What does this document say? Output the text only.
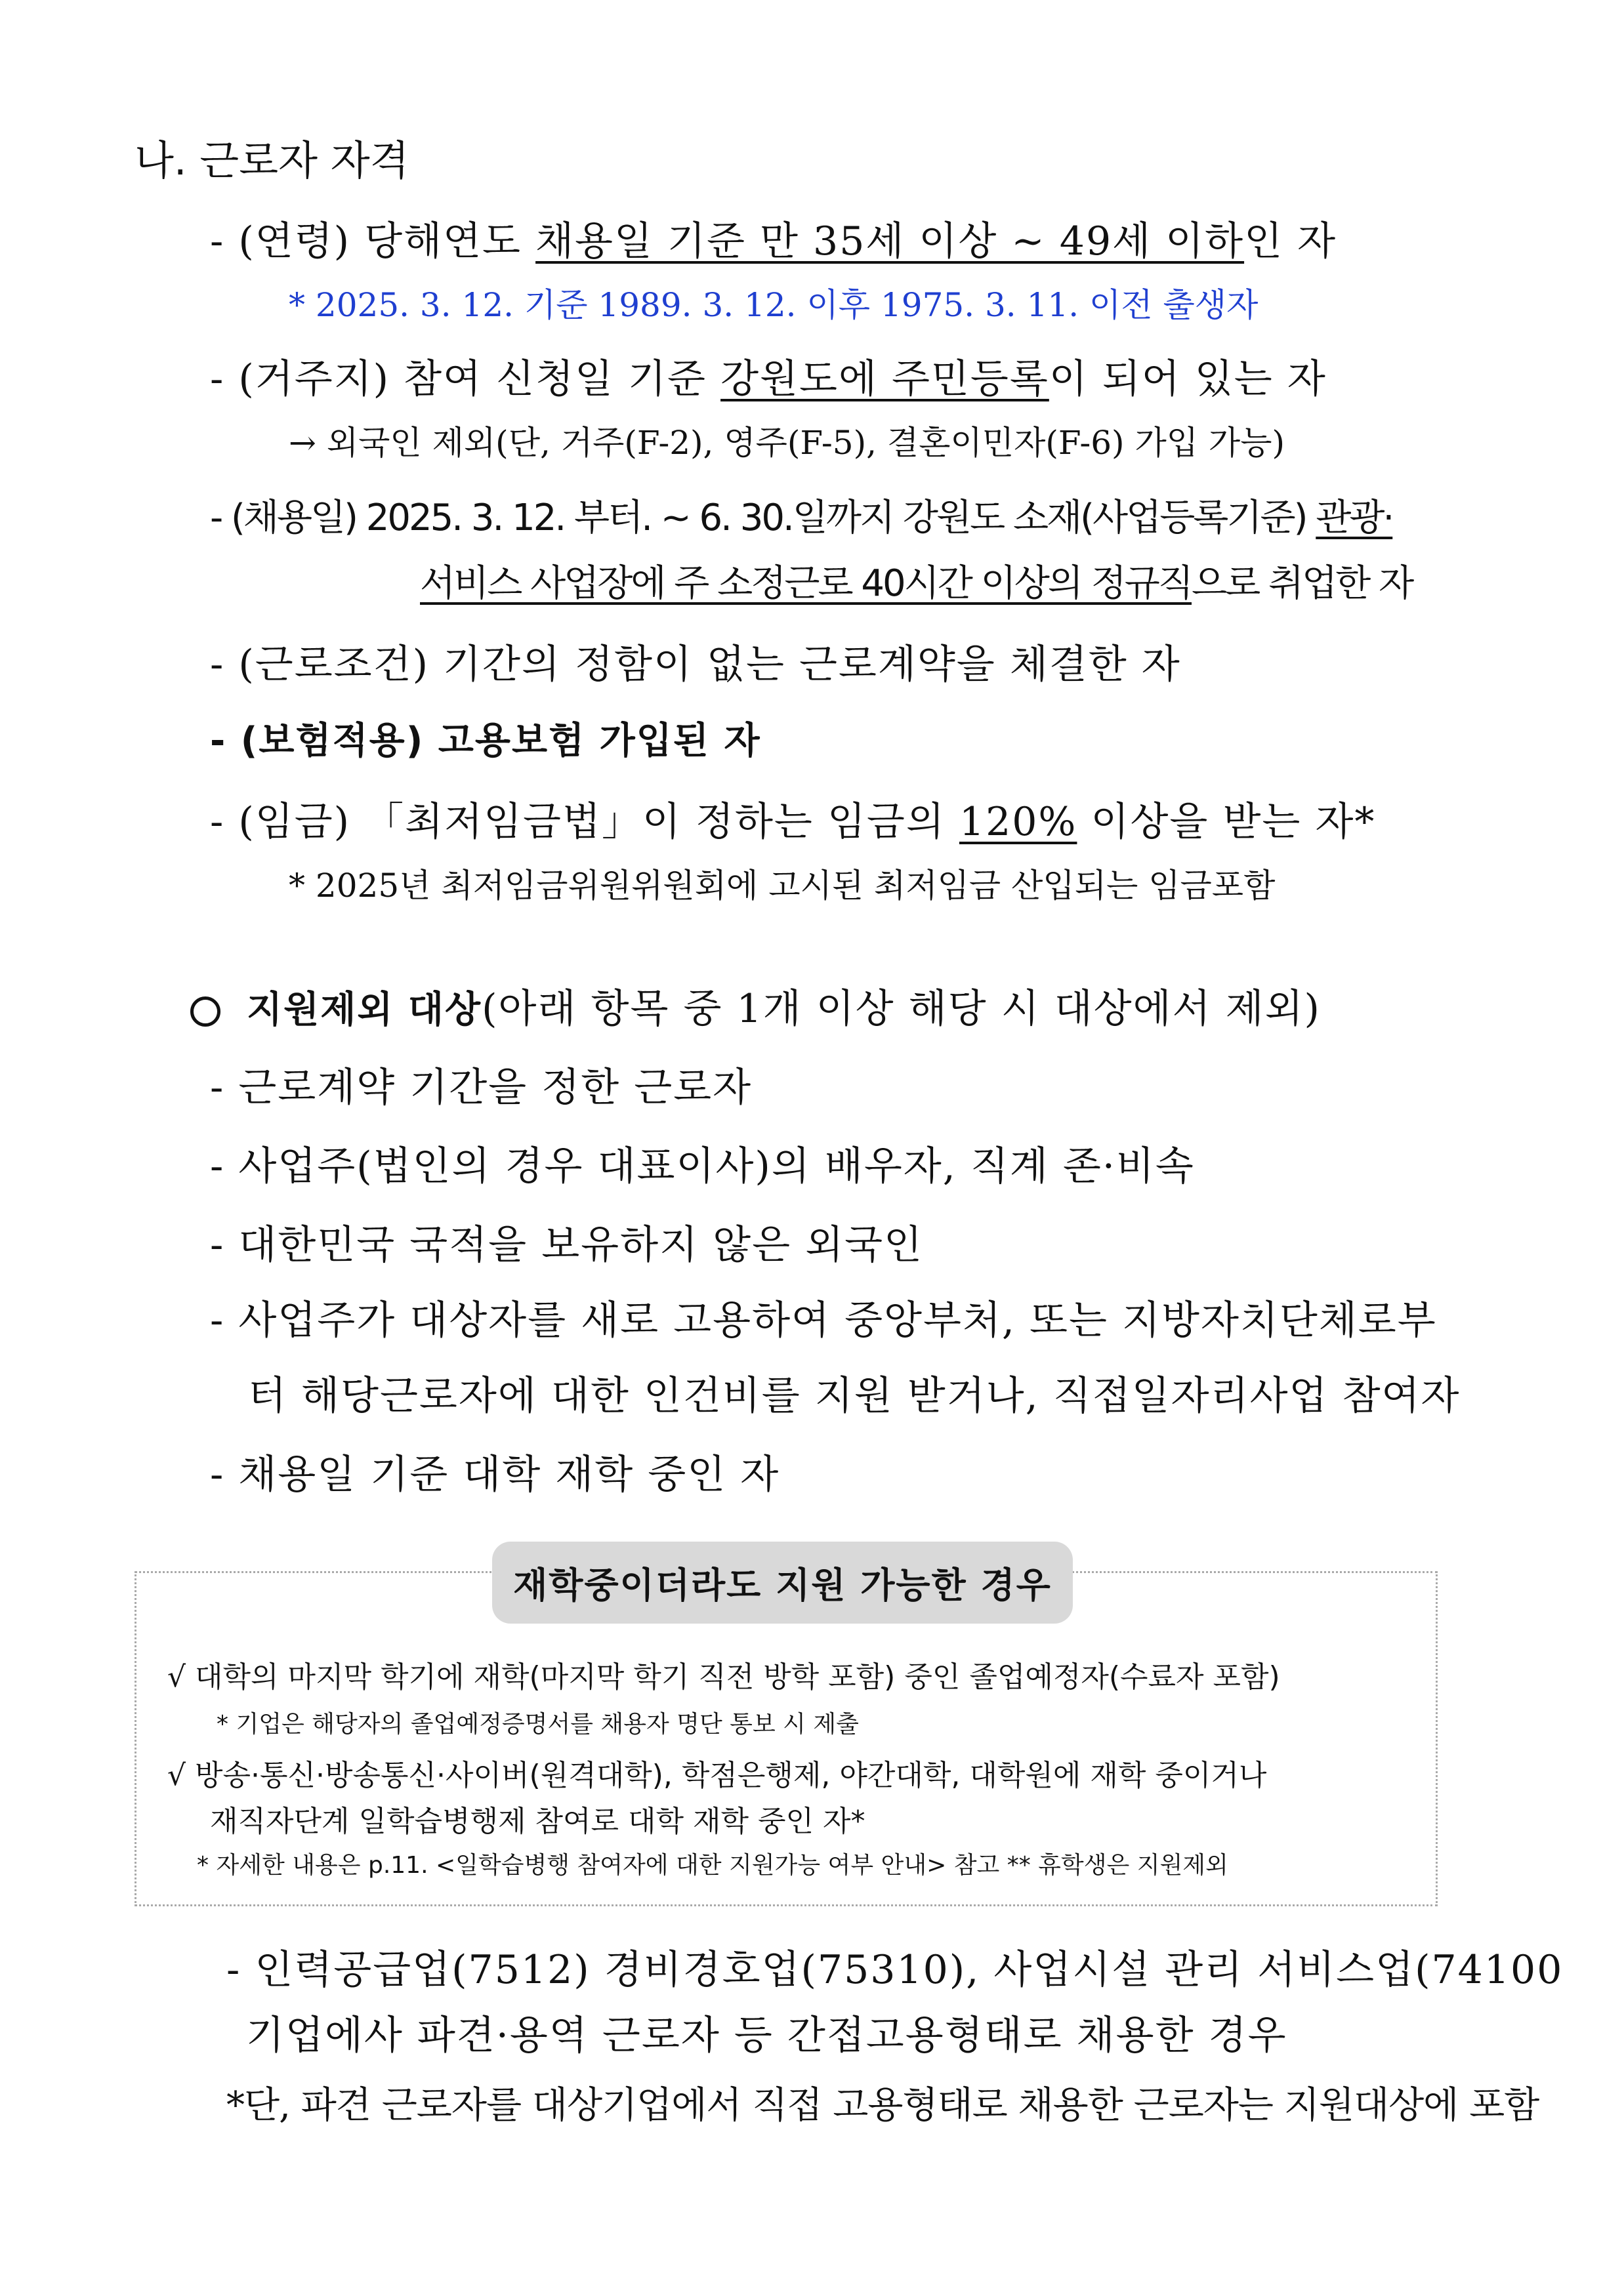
나. 근로자 자격
- (연령) 당해연도 채용일 기준 만 35세 이상 ~ 49세 이하인 자
* 2025. 3. 12. 기준 1989. 3. 12. 이후 1975. 3. 11. 이전 출생자
- (거주지) 참여 신청일 기준 강원도에 주민등록이 되어 있는 자
→ 외국인 제외(단, 거주(F-2), 영주(F-5), 결혼이민자(F-6) 가입 가능)
- (채용일) 2025. 3. 12. 부터. ~ 6. 30.일까지 강원도 소재(사업등록기준) 관광·
서비스 사업장에 주 소정근로 40시간 이상의 정규직으로 취업한 자
- (근로조건) 기간의 정함이 없는 근로계약을 체결한 자
- (보험적용) 고용보험 가입된 자
- (임금) 「최저임금법」이 정하는 임금의 120% 이상을 받는 자*
* 2025년 최저임금위원위원회에 고시된 최저임금 산입되는 임금포함
지원제외 대상(아래 항목 중 1개 이상 해당 시 대상에서 제외)
- 근로계약 기간을 정한 근로자
- 사업주(법인의 경우 대표이사)의 배우자, 직계 존·비속
- 대한민국 국적을 보유하지 않은 외국인
- 사업주가 대상자를 새로 고용하여 중앙부처, 또는 지방자치단체로부
터 해당근로자에 대한 인건비를 지원 받거나, 직접일자리사업 참여자
- 채용일 기준 대학 재학 중인 자
재학중이더라도 지원 가능한 경우
√ 대학의 마지막 학기에 재학(마지막 학기 직전 방학 포함) 중인 졸업예정자(수료자 포함)
* 기업은 해당자의 졸업예정증명서를 채용자 명단 통보 시 제출
√ 방송·통신·방송통신·사이버(원격대학), 학점은행제, 야간대학, 대학원에 재학 중이거나
재직자단계 일학습병행제 참여로 대학 재학 중인 자*
* 자세한 내용은 p.11. <일학습병행 참여자에 대한 지원가능 여부 안내> 참고 ** 휴학생은 지원제외
- 인력공급업(7512) 경비경호업(75310), 사업시설 관리 서비스업(74100
기업에사 파견·용역 근로자 등 간접고용형태로 채용한 경우
*단, 파견 근로자를 대상기업에서 직접 고용형태로 채용한 근로자는 지원대상에 포함
